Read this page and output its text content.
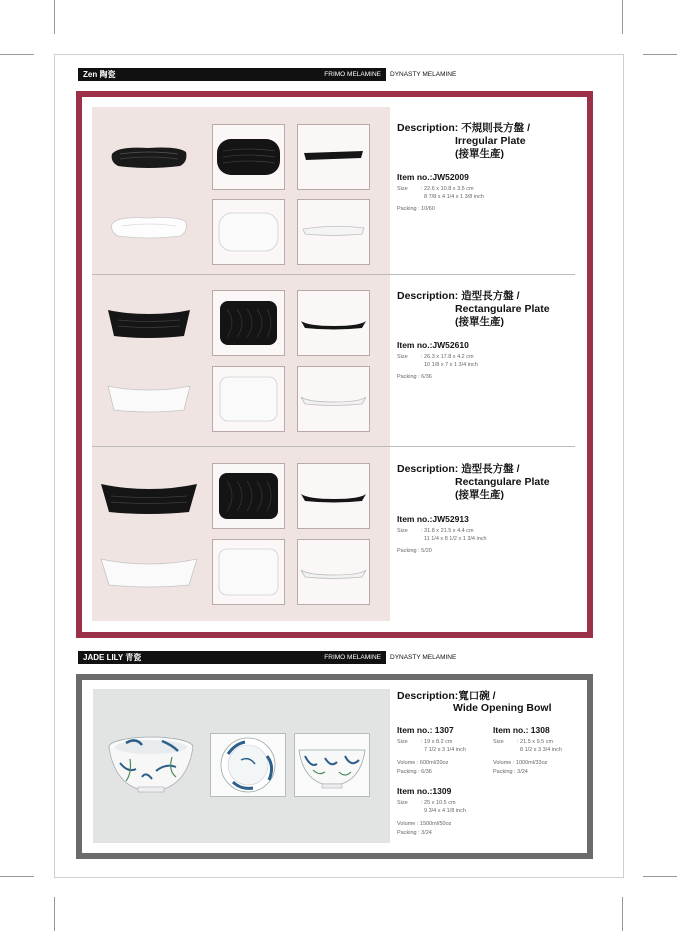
Zen 陶瓷	FRIMO MELAMINE	DYNASTY MELAMINE
Description: 不規則長方盤 /
Irregular Plate
(接單生產)
Item no.:JW52009
Size : 22.6 x 10.8 x 3.5 cm
8 7/8 x 4 1/4 x 1 3/8 inch
Packing : 10/60
Description: 造型長方盤 /
Rectangulare Plate
(接單生產)
Item no.:JW52610
Size : 26.3 x 17.8 x 4.2 cm
10 1/8 x 7 x 1 3/4 inch
Packing : 6/36
Description: 造型長方盤 /
Rectangulare Plate
(接單生產)
Item no.:JW52913
Size : 31.8 x 21.5 x 4.4 cm
11 1/4 x 8 1/2 x 1 3/4 inch
Packing : 5/20
JADE LILY 青瓷	FRIMO MELAMINE	DYNASTY MELAMINE
Description:寬口碗 /
Wide Opening Bowl
Item no.: 1307
Size : 19 x 8.2 cm
7 1/2 x 3 1/4 inch
Volume : 600ml/20oz
Packing : 6/36
Item no.: 1308
Size : 21.5 x 9.5 cm
8 1/2 x 3 3/4 inch
Volume : 1000ml/33oz
Packing : 3/24
Item no.:1309
Size : 25 x 10.5 cm
9 3/4 x 4 1/8 inch
Volume : 1500ml/50oz
Packing : 3/24
